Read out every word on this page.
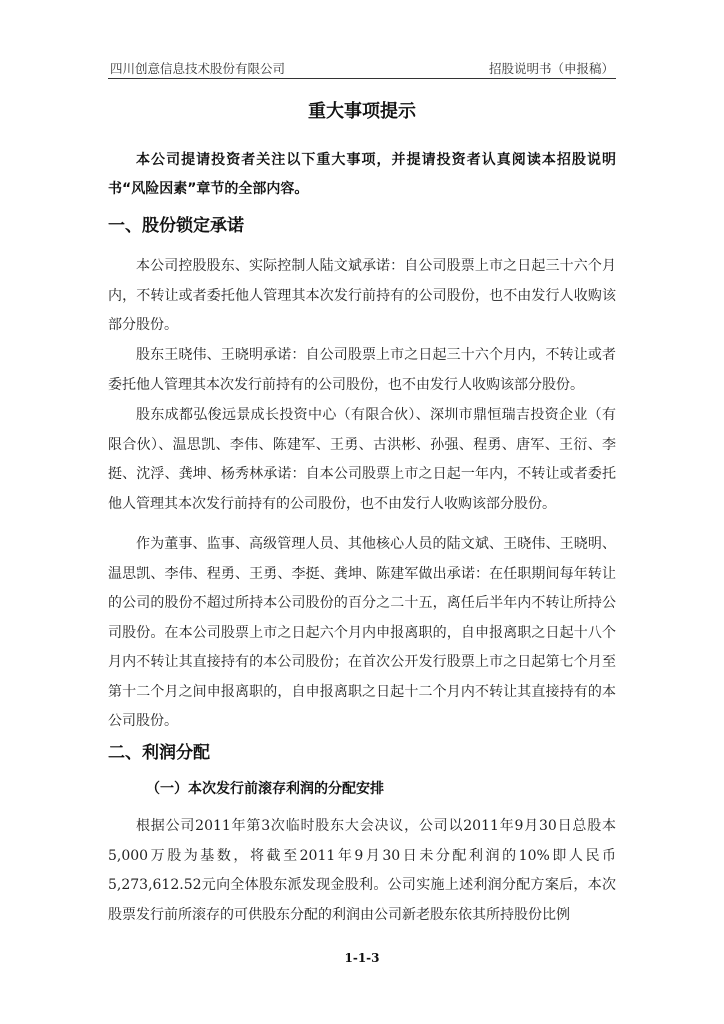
四川创意信息技术股份有限公司	招股说明书（申报稿）
重大事项提示
本公司提请投资者关注以下重大事项，并提请投资者认真阅读本招股说明书“风险因素”章节的全部内容。
一、股份锁定承诺
本公司控股股东、实际控制人陆文斌承诺：自公司股票上市之日起三十六个月内，不转让或者委托他人管理其本次发行前持有的公司股份，也不由发行人收购该部分股份。
股东王晓伟、王晓明承诺：自公司股票上市之日起三十六个月内，不转让或者委托他人管理其本次发行前持有的公司股份，也不由发行人收购该部分股份。
股东成都弘俊远景成长投资中心（有限合伙）、深圳市鼎恒瑞吉投资企业（有限合伙）、温思凯、李伟、陈建军、王勇、古洪彬、孙强、程勇、唐军、王衍、李挺、沈浮、龚坤、杨秀林承诺：自本公司股票上市之日起一年内，不转让或者委托他人管理其本次发行前持有的公司股份，也不由发行人收购该部分股份。
作为董事、监事、高级管理人员、其他核心人员的陆文斌、王晓伟、王晓明、温思凯、李伟、程勇、王勇、李挺、龚坤、陈建军做出承诺：在任职期间每年转让的公司的股份不超过所持本公司股份的百分之二十五，离任后半年内不转让所持公司股份。在本公司股票上市之日起六个月内申报离职的，自申报离职之日起十八个月内不转让其直接持有的本公司股份；在首次公开发行股票上市之日起第七个月至第十二个月之间申报离职的，自申报离职之日起十二个月内不转让其直接持有的本公司股份。
二、利润分配
（一）本次发行前滚存利润的分配安排
根据公司2011年第3次临时股东大会决议，公司以2011年9月30日总股本5,000万股为基数，将截至2011年9月30日未分配利润的10%即人民币5,273,612.52元向全体股东派发现金股利。公司实施上述利润分配方案后，本次股票发行前所滚存的可供股东分配的利润由公司新老股东依其所持股份比例
1-1-3
